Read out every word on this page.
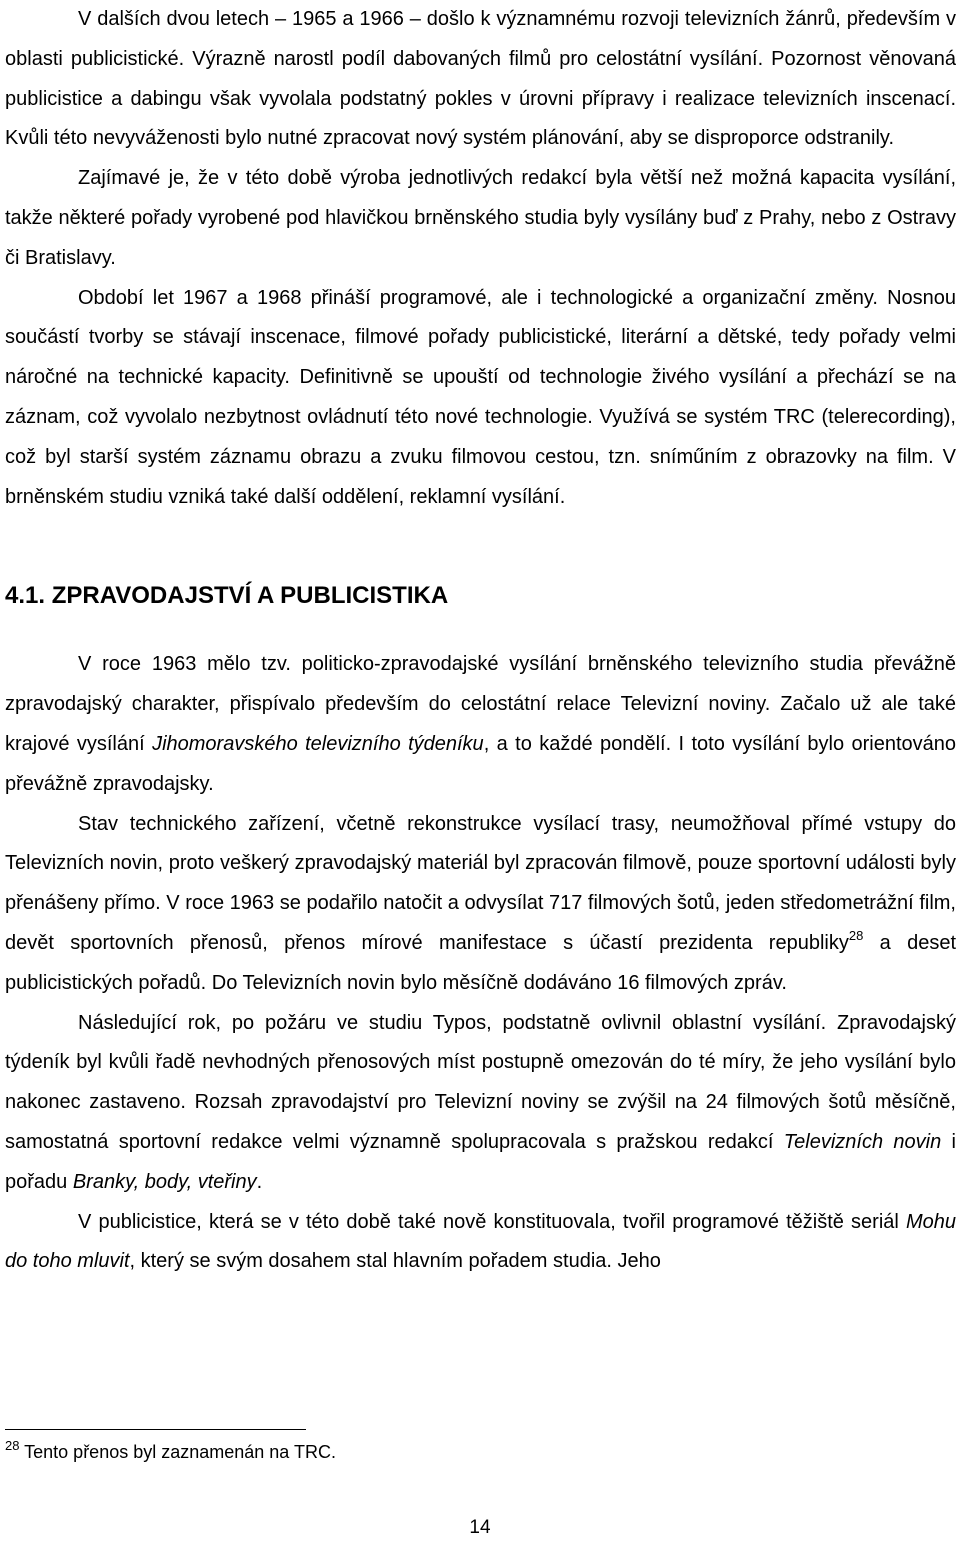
V dalších dvou letech – 1965 a 1966 – došlo k významnému rozvoji televizních žánrů, především v oblasti publicistické. Výrazně narostl podíl dabovaných filmů pro celostátní vysílání. Pozornost věnovaná publicistice a dabingu však vyvolala podstatný pokles v úrovni přípravy i realizace televizních inscenací. Kvůli této nevyváženosti bylo nutné zpracovat nový systém plánování, aby se disproporce odstranily.

Zajímavé je, že v této době výroba jednotlivých redakcí byla větší než možná kapacita vysílání, takže některé pořady vyrobené pod hlavičkou brněnského studia byly vysílány buď z Prahy, nebo z Ostravy či Bratislavy.

Období let 1967 a 1968 přináší programové, ale i technologické a organizační změny. Nosnou součástí tvorby se stávají inscenace, filmové pořady publicistické, literární a dětské, tedy pořady velmi náročné na technické kapacity. Definitivně se upouští od technologie živého vysílání a přechází se na záznam, což vyvolalo nezbytnost ovládnutí této nové technologie. Využívá se systém TRC (telerecording), což byl starší systém záznamu obrazu a zvuku filmovou cestou, tzn. sníműním z obrazovky na film. V brněnském studiu vzniká také další oddělení, reklamní vysílání.

4.1. ZPRAVODAJSTVÍ A PUBLICISTIKA

V roce 1963 mělo tzv. politicko-zpravodajské vysílání brněnského televizního studia převážně zpravodajský charakter, přispívalo především do celostátní relace Televizní noviny. Začalo už ale také krajové vysílání Jihomoravského televizního týdeníku, a to každé pondělí. I toto vysílání bylo orientováno převážně zpravodajsky.

Stav technického zařízení, včetně rekonstrukce vysílací trasy, neumožňoval přímé vstupy do Televizních novin, proto veškerý zpravodajský materiál byl zpracován filmově, pouze sportovní události byly přenášeny přímo. V roce 1963 se podařilo natočit a odvysílat 717 filmových šotů, jeden středometrážní film, devět sportovních přenosů, přenos mírové manifestace s účastí prezidenta republiky$^{28}$ a deset publicistických pořadů. Do Televizních novin bylo měsíčně dodáváno 16 filmových zpráv.

Následující rok, po požáru ve studiu Typos, podstatně ovlivnil oblastní vysílání. Zpravodajský týdeník byl kvůli řadě nevhodných přenosových míst postupně omezován do té míry, že jeho vysílání bylo nakonec zastaveno. Rozsah zpravodajství pro Televizní noviny se zvýšil na 24 filmových šotů měsíčně, samostatná sportovní redakce velmi významně spolupracovala s pražskou redakcí Televizních novin i pořadu Branky, body, vteřiny.

V publicistice, která se v této době také nově konstituovala, tvořil programové těžiště seriál Mohu do toho mluvit, který se svým dosahem stal hlavním pořadem studia. Jeho

$^{28}$ Tento přenos byl zaznamenán na TRC.
14
